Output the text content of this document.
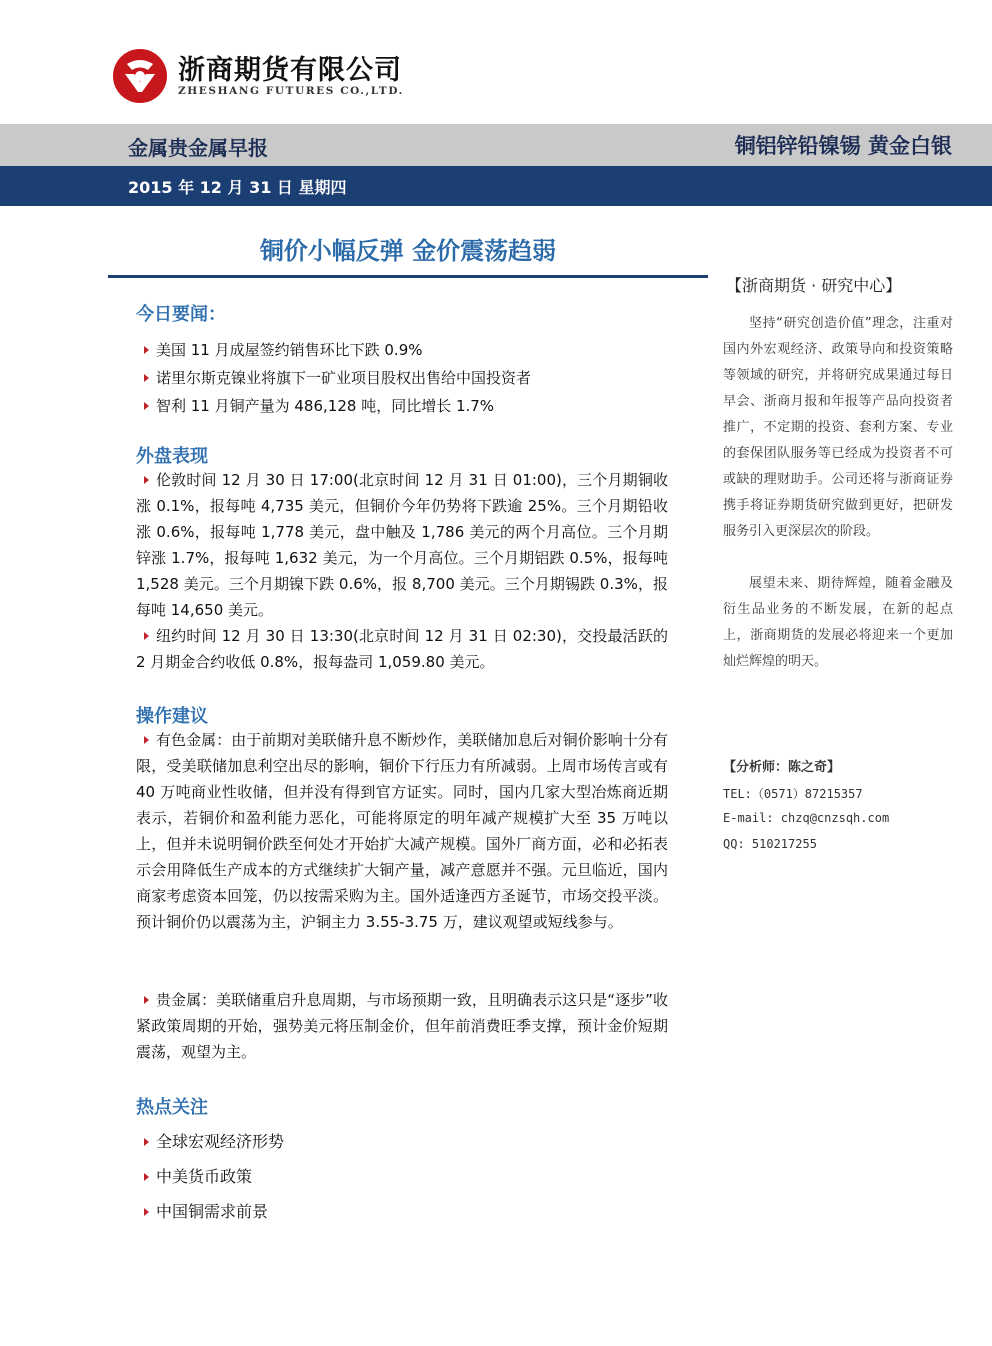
浙商期货有限公司
ZHESHANG FUTURES CO.,LTD.
金属贵金属早报	铜铝锌铅镍锡 黄金白银
2015 年 12 月 31 日 星期四
铜价小幅反弹 金价震荡趋弱
今日要闻：
美国 11 月成屋签约销售环比下跌 0.9%
诺里尔斯克镍业将旗下一矿业项目股权出售给中国投资者
智利 11 月铜产量为 486,128 吨，同比增长 1.7%
外盘表现
伦敦时间 12 月 30 日 17:00(北京时间 12 月 31 日 01:00)，三个月期铜收涨 0.1%，报每吨 4,735 美元，但铜价今年仍势将下跌逾 25%。三个月期铅收涨 0.6%，报每吨 1,778 美元，盘中触及 1,786 美元的两个月高位。三个月期锌涨 1.7%，报每吨 1,632 美元，为一个月高位。三个月期铝跌 0.5%，报每吨 1,528 美元。三个月期镍下跌 0.6%，报 8,700 美元。三个月期锡跌 0.3%，报每吨 14,650 美元。
纽约时间 12 月 30 日 13:30(北京时间 12 月 31 日 02:30)，交投最活跃的 2 月期金合约收低 0.8%，报每盎司 1,059.80 美元。
操作建议
有色金属：由于前期对美联储升息不断炒作，美联储加息后对铜价影响十分有限，受美联储加息利空出尽的影响，铜价下行压力有所减弱。上周市场传言或有 40 万吨商业性收储，但并没有得到官方证实。同时，国内几家大型冶炼商近期表示，若铜价和盈利能力恶化，可能将原定的明年减产规模扩大至 35 万吨以上，但并未说明铜价跌至何处才开始扩大减产规模。国外厂商方面，必和必拓表示会用降低生产成本的方式继续扩大铜产量，减产意愿并不强。元旦临近，国内商家考虑资本回笼，仍以按需采购为主。国外适逢西方圣诞节，市场交投平淡。预计铜价仍以震荡为主，沪铜主力 3.55-3.75 万，建议观望或短线参与。
贵金属：美联储重启升息周期，与市场预期一致，且明确表示这只是“逐步”收紧政策周期的开始，强势美元将压制金价，但年前消费旺季支撑，预计金价短期震荡，观望为主。
热点关注
全球宏观经济形势
中美货币政策
中国铜需求前景
【浙商期货 · 研究中心】
坚持“研究创造价值”理念，注重对国内外宏观经济、政策导向和投资策略等领域的研究，并将研究成果通过每日早会、浙商月报和年报等产品向投资者推广，不定期的投资、套利方案、专业的套保团队服务等已经成为投资者不可或缺的理财助手。公司还将与浙商证券携手将证券期货研究做到更好，把研发服务引入更深层次的阶段。
展望未来、期待辉煌，随着金融及衍生品业务的不断发展，在新的起点上，浙商期货的发展必将迎来一个更加灿烂辉煌的明天。
【分析师：陈之奇】
TEL:（0571）87215357
E-mail: chzq@cnzsqh.com
QQ: 510217255
